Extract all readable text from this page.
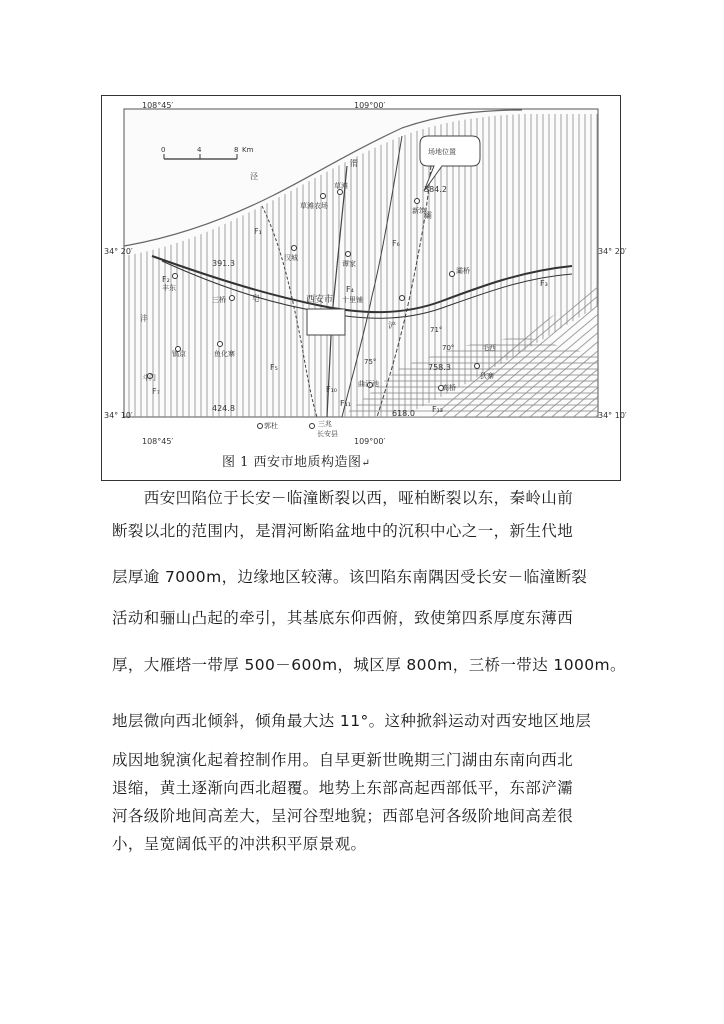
108°45′	109°00′
34° 20′	34° 20′
34° 10′	34° 10′
108°45′	109°00′
0	4	8 Km	场地位置
384.2
新筑
草滩农场
草滩
渭
泾
灞
浐
沣
皂
汉城
谭家
F₁
F₂	F₃
F₄
F₅
F₆
F₇
391.3
西安市
三桥
丰东
十里铺
灞桥
71°
70°
75°
758.3
毛西
斗门
镐京	鱼化寨
曲江池	高桥
狄寨
F₁₀
F₁₁
F₁₃
618.0
424.8
郭杜	三兆
长安县
图 1 西安市地质构造图↵
　　西安凹陷位于长安－临潼断裂以西，哑柏断裂以东，秦岭山前
断裂以北的范围内，是渭河断陷盆地中的沉积中心之一，新生代地
层厚逾 7000m，边缘地区较薄。该凹陷东南隅因受长安－临潼断裂
活动和骊山凸起的牵引，其基底东仰西俯，致使第四系厚度东薄西
厚，大雁塔一带厚 500－600m，城区厚 800m，三桥一带达 1000m。
地层微向西北倾斜，倾角最大达 11°。这种掀斜运动对西安地区地层
成因地貌演化起着控制作用。自早更新世晚期三门湖由东南向西北
退缩，黄土逐渐向西北超覆。地势上东部高起西部低平，东部浐灞
河各级阶地间高差大，呈河谷型地貌；西部皂河各级阶地间高差很
小，呈宽阔低平的冲洪积平原景观。
